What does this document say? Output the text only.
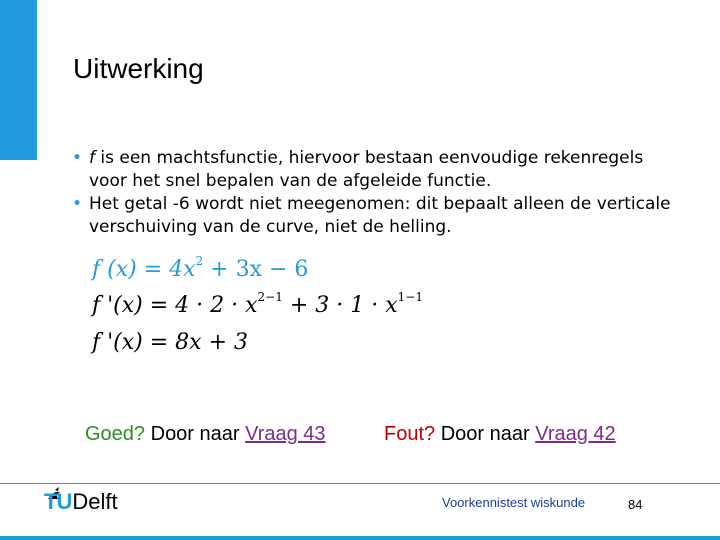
Uitwerking
• f is een machtsfunctie, hiervoor bestaan eenvoudige rekenregels voor het snel bepalen van de afgeleide functie.
• Het getal -6 wordt niet meegenomen: dit bepaalt alleen de verticale verschuiving van de curve, niet de helling.
f $(x) = 4x^2 + 3x - 6$
f '$(x) = 4 \cdot 2 \cdot x^{2-1} + 3 \cdot 1 \cdot x^{1-1}$
f '(x) = 8x + 3
Goed? Door naar Vraag 43	Fout? Door naar Vraag 42
TU Delft	Voorkennistest wiskunde	84
